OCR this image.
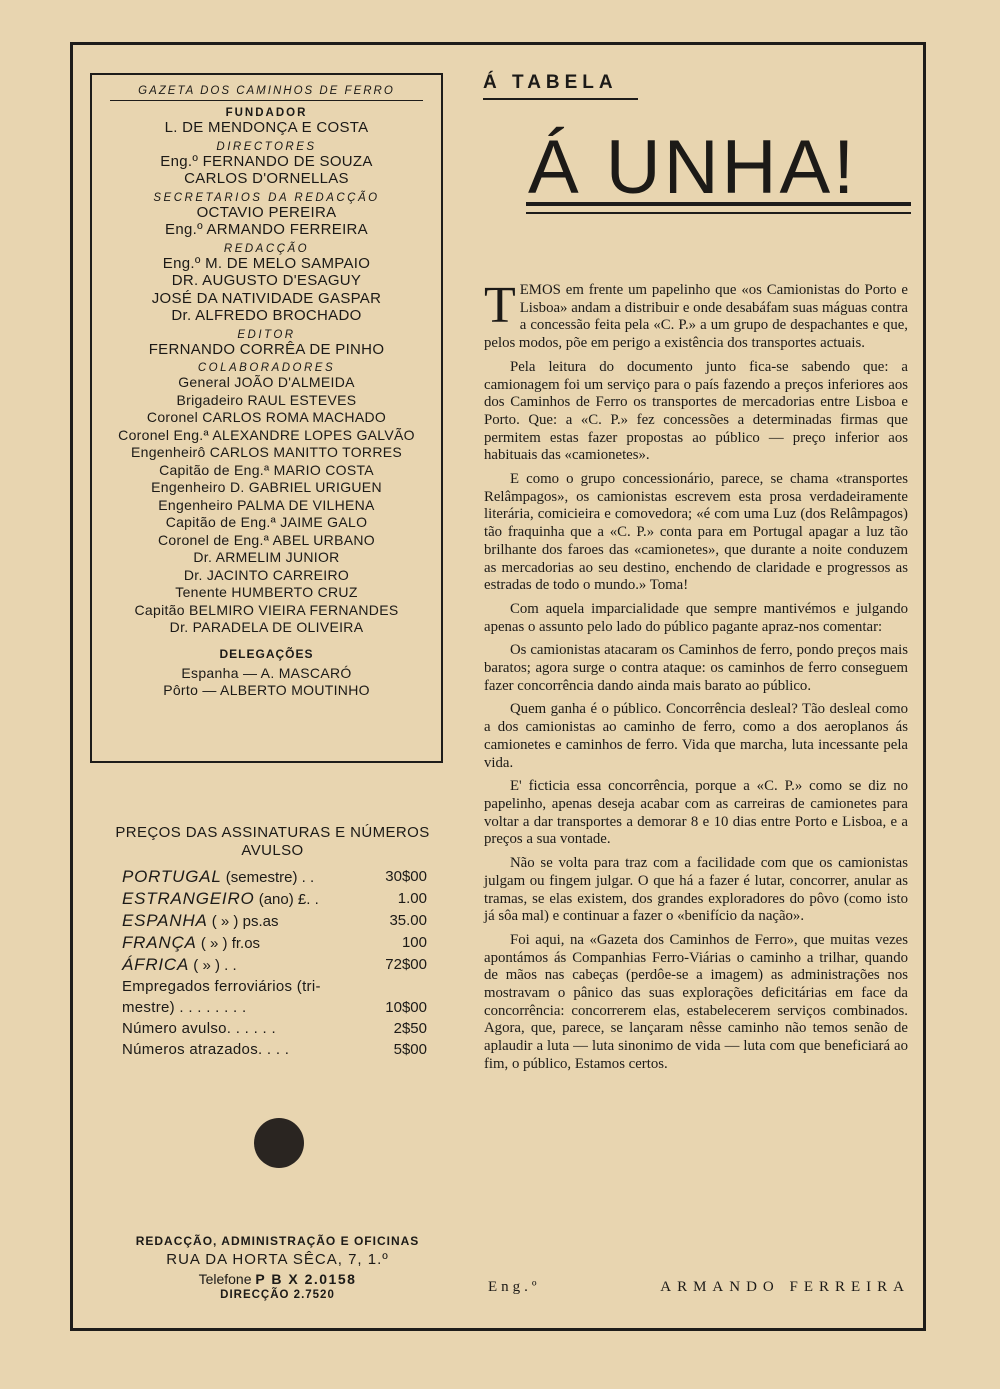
GAZETA DOS CAMINHOS DE FERRO
FUNDADOR
L. DE MENDONÇA E COSTA
DIRECTORES
Eng.º FERNANDO DE SOUZA
CARLOS D'ORNELLAS
SECRETARIOS DA REDACÇÃO
OCTAVIO PEREIRA
Eng.º ARMANDO FERREIRA
REDACÇÃO
Eng.º M. DE MELO SAMPAIO
DR. AUGUSTO D'ESAGUY
JOSÉ DA NATIVIDADE GASPAR
Dr. ALFREDO BROCHADO
EDITOR
FERNANDO CORRÊA DE PINHO
COLABORADORES
General JOÃO D'ALMEIDA
Brigadeiro RAUL ESTEVES
Coronel CARLOS ROMA MACHADO
Coronel Eng.ª ALEXANDRE LOPES GALVÃO
Engenheirô CARLOS MANITTO TORRES
Capitão de Eng.ª MARIO COSTA
Engenheiro D. GABRIEL URIGUEN
Engenheiro PALMA DE VILHENA
Capitão de Eng.ª JAIME GALO
Coronel de Eng.ª ABEL URBANO
Dr. ARMELIM JUNIOR
Dr. JACINTO CARREIRO
Tenente HUMBERTO CRUZ
Capitão BELMIRO VIEIRA FERNANDES
Dr. PARADELA DE OLIVEIRA
DELEGAÇÕES
Espanha — A. MASCARÓ
Pôrto — ALBERTO MOUTINHO
PREÇOS DAS ASSINATURAS E NÚMEROS
AVULSO
PORTUGAL (semestre) . .	30$00
ESTRANGEIRO (ano) £. .	1.00
ESPANHA ( » ) ps.as	35.00
FRANÇA ( » ) fr.os	100
ÁFRICA ( » ) . .	72$00
Empregados ferroviários (tri-
mestre) . . . . . . . .	10$00
Número avulso. . . . . .	2$50
Números atrazados. . . .	5$00
REDACÇÃO, ADMINISTRAÇÃO E OFICINAS
RUA DA HORTA SÊCA, 7, 1.º
Telefone P B X 2.0158
DIRECÇÃO 2.7520
Á TABELA
Á UNHA!

TEMOS em frente um papelinho que «os Camionistas do Porto e Lisboa» andam a distribuir e onde desabáfam suas máguas contra a concessão feita pela «C. P.» a um grupo de despachantes e que, pelos modos, põe em perigo a existência dos transportes actuais.

Pela leitura do documento junto fica-se sabendo que: a camionagem foi um serviço para o país fazendo a preços inferiores aos dos Caminhos de Ferro os transportes de mercadorias entre Lisboa e Porto. Que: a «C. P.» fez concessões a determinadas firmas que permitem estas fazer propostas ao público — preço inferior aos habituais das «camionetes».

E como o grupo concessionário, parece, se chama «transportes Relâmpagos», os camionistas escrevem esta prosa verdadeiramente literária, comicieira e comovedora; «é com uma Luz (dos Relâmpagos) tão fraquinha que a «C. P.» conta para em Portugal apagar a luz tão brilhante dos faroes das «camionetes», que durante a noite conduzem as mercadorias ao seu destino, enchendo de claridade e progressos as estradas de todo o mundo.» Toma!

Com aquela imparcialidade que sempre mantivémos e julgando apenas o assunto pelo lado do público pagante apraz-nos comentar:

Os camionistas atacaram os Caminhos de ferro, pondo preços mais baratos; agora surge o contra ataque: os caminhos de ferro conseguem fazer concorrência dando ainda mais barato ao público.

Quem ganha é o público. Concorrência desleal? Tão desleal como a dos camionistas ao caminho de ferro, como a dos aeroplanos ás camionetes e caminhos de ferro. Vida que marcha, luta incessante pela vida.

E' ficticia essa concorrência, porque a «C. P.» como se diz no papelinho, apenas deseja acabar com as carreiras de camionetes para voltar a dar transportes a demorar 8 e 10 dias entre Porto e Lisboa, e a preços a sua vontade.

Não se volta para traz com a facilidade com que os camionistas julgam ou fingem julgar. O que há a fazer é lutar, concorrer, anular as tramas, se elas existem, dos grandes exploradores do pôvo (como isto já sôa mal) e continuar a fazer o «benifício da nação».

Foi aqui, na «Gazeta dos Caminhos de Ferro», que muitas vezes apontámos ás Companhias Ferro-Viárias o caminho a trilhar, quando de mãos nas cabeças (perdôe-se a imagem) as administrações nos mostravam o pânico das suas explorações deficitárias em face da concorrência: concorrerem elas, estabelecerem serviços combinados. Agora, que, parece, se lançaram nêsse caminho não temos senão de aplaudir a luta — luta sinonimo de vida — luta com que beneficiará ao fim, o público, Estamos certos.

Eng.º	ARMANDO FERREIRA
